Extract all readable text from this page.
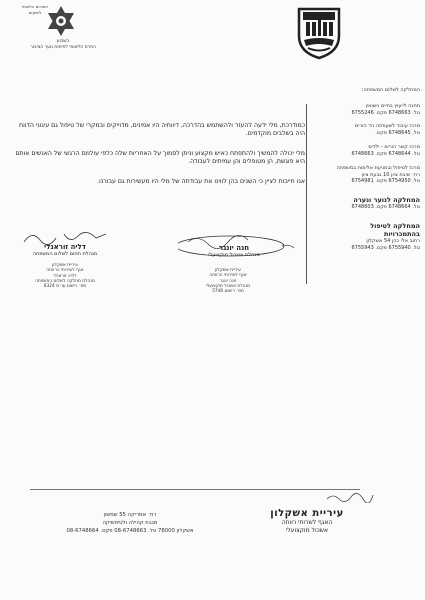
הפורום הלאומי לשיקום
בשבוע
הפרס הלאומי לפיתוח נוער הציבור
המחלקה לשלום המשפחה:
תחנה לייעוץ בחיים נישואין
טל. 6748663 פקס. 6755246
מרכז עיבוד לשעפחה הד הורים
טל. 6748645 פקס.
מרכז קשר הורים - ילדים
טל. 6748644 פקס. 6748663
מרכז לטיפול ובמניעת אלימות במשפחה
רח׳ שיבת ציון 10 גבעת ציון
טל. 6754950 פקס. 6754981
המחלקה לנוער ונערה
טל. 6748664 פקס. 6748603
המחלקה לטיפול
בהתמכרויות
רחוב אלי כהן 54 אשקלון
טל. 6755940 פקס. 6755943
כמודרכת, מלי ידעה להעזר ולהשתמש בהדרכה, דיווחיה היו אמינים, מדוייקים ובמקרי של טיפול גם עיגוני הדווח היה בשלבים מוקדמים.
מלי יכולה להמשיך ולהתפתח כאיש מקצוע וניתן לסמוך על האחריות שלה כלפי עולמם הרגשי של האנשים אותם היא פוגשת, הן מטופלים והן עמיתים לעבודה.
אנו חייבות לציין כי השנים בהן לווינו את עבודתה של מלי היו מעשירות גם עבורנו.
חנה יונגר
מנהלת אשכול מוקצועלי
עיריית אשקלון
אגף לשירותי הרווחה
חנה יונגר
מנהלת אשכול מוקצועלי
מס׳ רישום 5746
דליה זוראנלי
מנהלת תחום לשלום המשפחה
עיריית אשקלון
אגף לשירותי הרווחה
דליה זוראנלי
מנהלת מחלקה לשלום המשפחה
מס׳ רישום עו״ס 6324
עיריית אשקלון
האגף לשרותי רווחה
אשכול מוקצועלי
רח׳ אמריקה 55 שמשון
מנבת קהילה ולטיפשיקה
אשקלון 78000 טל. 08-6748663 פקס. 08-6748664
